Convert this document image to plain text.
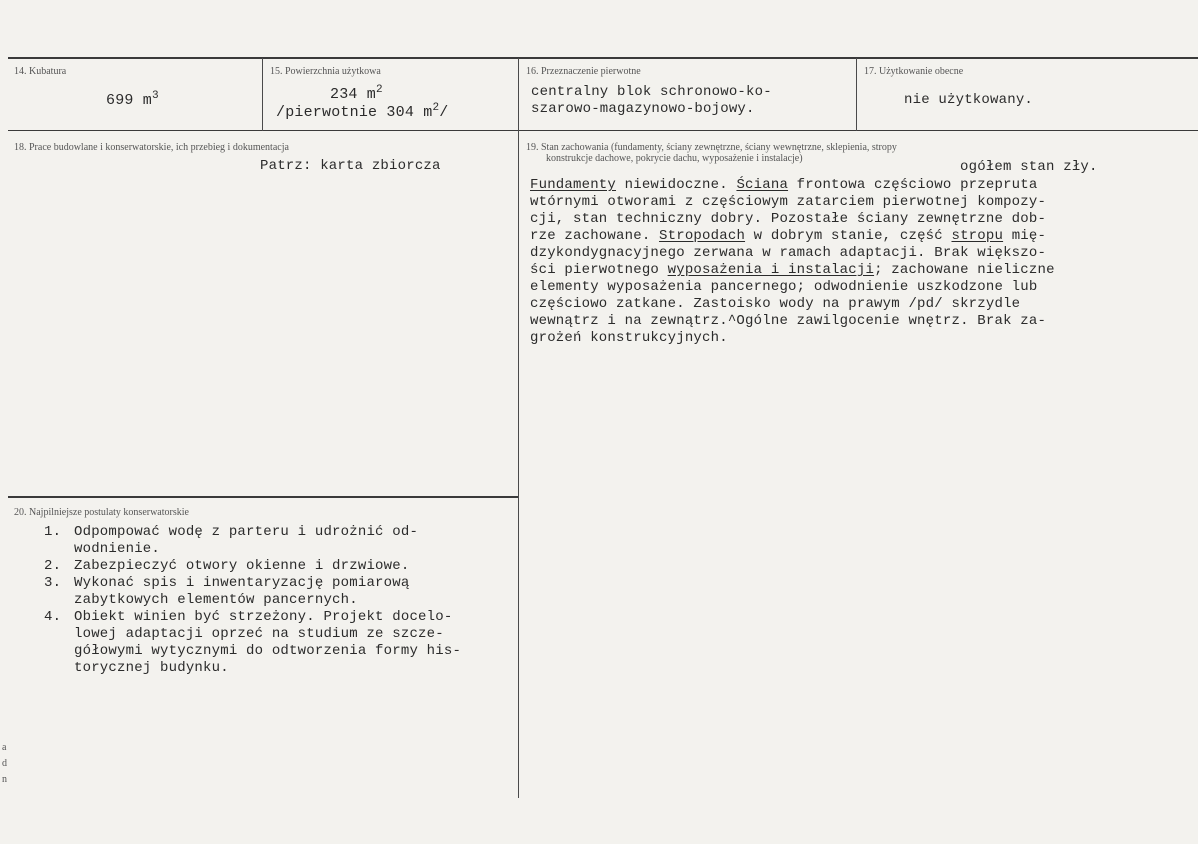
14. Kubatura
699 $m^3$
15. Powierzchnia użytkowa
234 $m^2$
/pierwotnie 304 $m^2/$
16. Przeznaczenie pierwotne
centralny blok schronowo-ko-
szarowo-magazynowo-bojowy.
17. Użytkowanie obecne
nie użytkowany.
18. Prace budowlane i konserwatorskie, ich przebieg i dokumentacja
Patrz: karta zbiorcza
19. Stan zachowania (fundamenty, ściany zewnętrzne, ściany wewnętrzne, sklepienia, stropy
konstrukcje dachowe, pokrycie dachu, wyposażenie i instalacje)
ogółem stan zły.
Fundamenty niewidoczne. Ściana frontowa częściowo przepruta
wtórnymi otworami z częściowym zatarciem pierwotnej kompozy-
cji, stan techniczny dobry. Pozostałe ściany zewnętrzne dob-
rze zachowane. Stropodach w dobrym stanie, część stropu mię-
dzykondygnacyjnego zerwana w ramach adaptacji. Brak większo-
ści pierwotnego wyposażenia i instalacji; zachowane nieliczne
elementy wyposażenia pancernego; odwodnienie uszkodzone lub
częściowo zatkane. Zastoisko wody na prawym /pd/ skrzydle
wewnątrz i na zewnątrz.^Ogólne zawilgocenie wnętrz. Brak za-
grożeń konstrukcyjnych.
20. Najpilniejsze postulaty konserwatorskie
1. Odpompować wodę z parteru i udrożnić od-
wodnienie.
2. Zabezpieczyć otwory okienne i drzwiowe.
3. Wykonać spis i inwentaryzację pomiarową
zabytkowych elementów pancernych.
4. Obiekt winien być strzeżony. Projekt docelo-
lowej adaptacji oprzeć na studium ze szcze-
gółowymi wytycznymi do odtworzenia formy his-
torycznej budynku.
a
d
n
